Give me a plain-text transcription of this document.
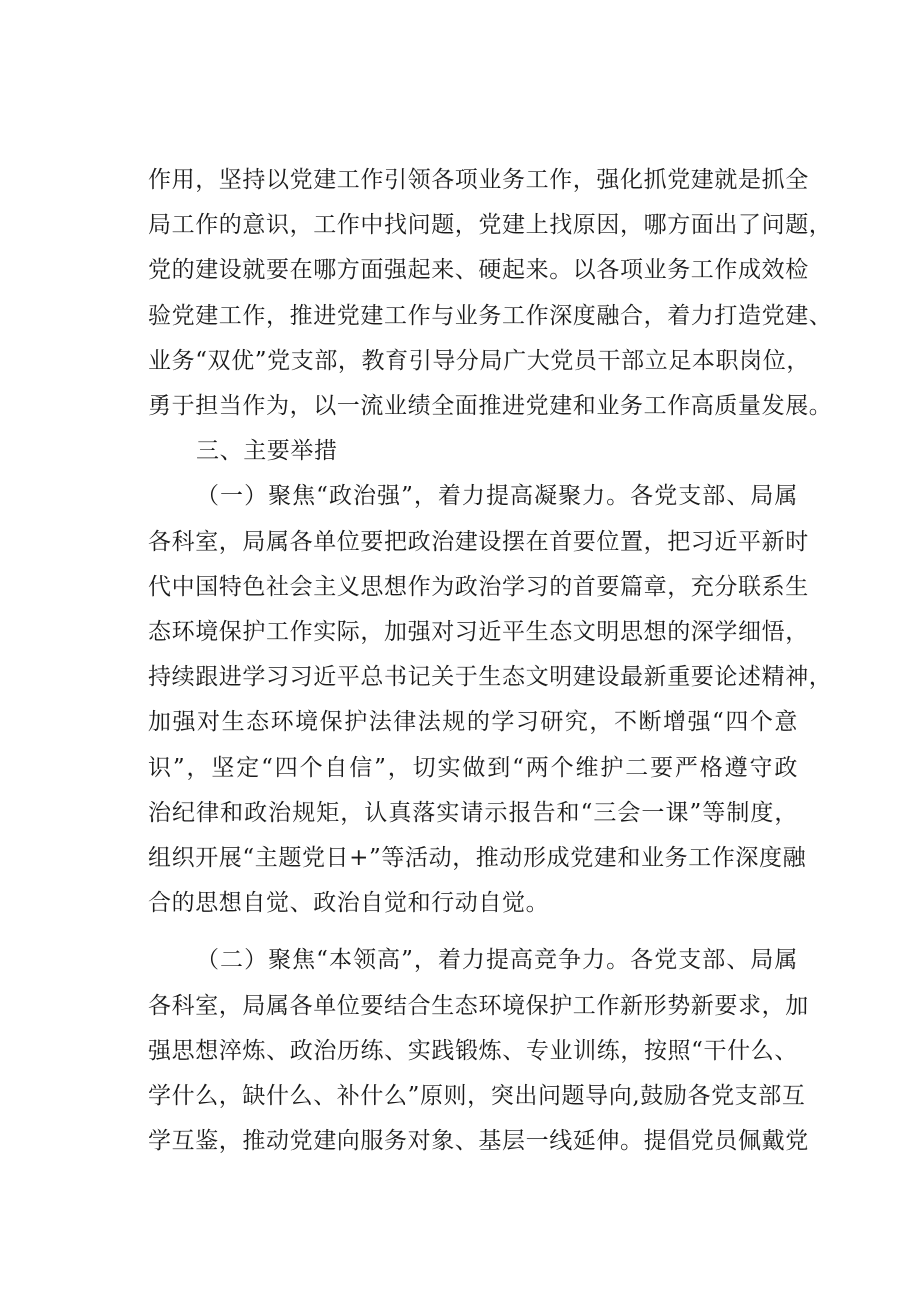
作用，坚持以党建工作引领各项业务工作，强化抓党建就是抓全
局工作的意识，工作中找问题，党建上找原因，哪方面出了问题，
党的建设就要在哪方面强起来、硬起来。以各项业务工作成效检
验党建工作，推进党建工作与业务工作深度融合，着力打造党建、
业务“双优”党支部，教育引导分局广大党员干部立足本职岗位，
勇于担当作为，以一流业绩全面推进党建和业务工作高质量发展。
三、主要举措
（一）聚焦“政治强”，着力提高凝聚力。各党支部、局属
各科室，局属各单位要把政治建设摆在首要位置，把习近平新时
代中国特色社会主义思想作为政治学习的首要篇章，充分联系生
态环境保护工作实际，加强对习近平生态文明思想的深学细悟，
持续跟进学习习近平总书记关于生态文明建设最新重要论述精神，
加强对生态环境保护法律法规的学习研究，不断增强“四个意
识”，坚定“四个自信”，切实做到“两个维护二要严格遵守政
治纪律和政治规矩，认真落实请示报告和“三会一课”等制度，
组织开展“主题党日+”等活动，推动形成党建和业务工作深度融
合的思想自觉、政治自觉和行动自觉。
（二）聚焦“本领高”，着力提高竞争力。各党支部、局属
各科室，局属各单位要结合生态环境保护工作新形势新要求，加
强思想淬炼、政治历练、实践锻炼、专业训练，按照“干什么、
学什么，缺什么、补什么”原则，突出问题导向,鼓励各党支部互
学互鉴，推动党建向服务对象、基层一线延伸。提倡党员佩戴党
